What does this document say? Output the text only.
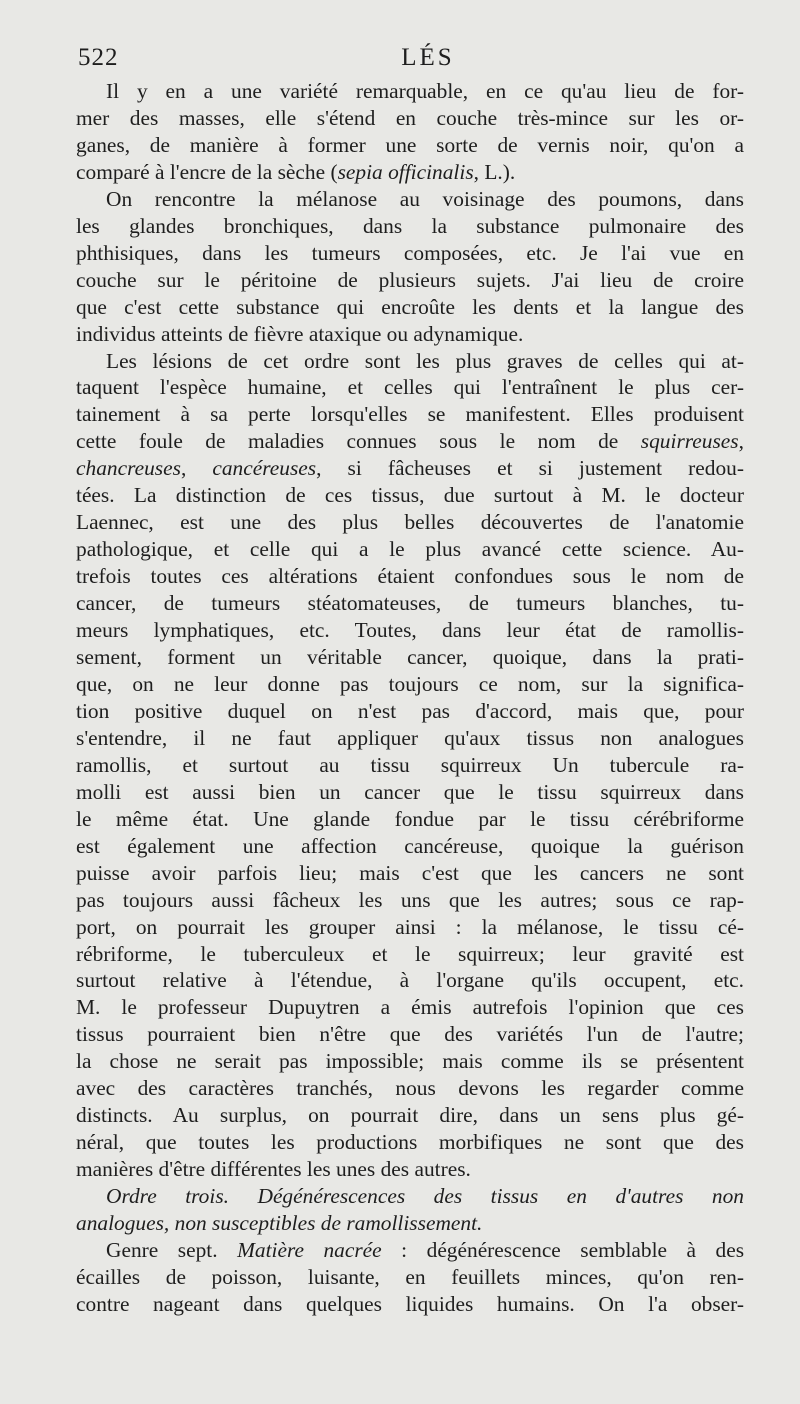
522	LÉS

Il y en a une variété remarquable, en ce qu'au lieu de for-
mer des masses, elle s'étend en couche très-mince sur les or-
ganes, de manière à former une sorte de vernis noir, qu'on a
comparé à l'encre de la sèche (sepia officinalis, L.).

On rencontre la mélanose au voisinage des poumons, dans
les glandes bronchiques, dans la substance pulmonaire des
phthisiques, dans les tumeurs composées, etc. Je l'ai vue en
couche sur le péritoine de plusieurs sujets. J'ai lieu de croire
que c'est cette substance qui encroûte les dents et la langue des
individus atteints de fièvre ataxique ou adynamique.

Les lésions de cet ordre sont les plus graves de celles qui at-
taquent l'espèce humaine, et celles qui l'entraînent le plus cer-
tainement à sa perte lorsqu'elles se manifestent. Elles produisent
cette foule de maladies connues sous le nom de squirreuses,
chancreuses, cancéreuses, si fâcheuses et si justement redou-
tées. La distinction de ces tissus, due surtout à M. le docteur
Laennec, est une des plus belles découvertes de l'anatomie
pathologique, et celle qui a le plus avancé cette science. Au-
trefois toutes ces altérations étaient confondues sous le nom de
cancer, de tumeurs stéatomateuses, de tumeurs blanches, tu-
meurs lymphatiques, etc. Toutes, dans leur état de ramollis-
sement, forment un véritable cancer, quoique, dans la prati-
que, on ne leur donne pas toujours ce nom, sur la significa-
tion positive duquel on n'est pas d'accord, mais que, pour
s'entendre, il ne faut appliquer qu'aux tissus non analogues
ramollis, et surtout au tissu squirreux Un tubercule ra-
molli est aussi bien un cancer que le tissu squirreux dans
le même état. Une glande fondue par le tissu cérébriforme
est également une affection cancéreuse, quoique la guérison
puisse avoir parfois lieu; mais c'est que les cancers ne sont
pas toujours aussi fâcheux les uns que les autres; sous ce rap-
port, on pourrait les grouper ainsi : la mélanose, le tissu cé-
rébriforme, le tuberculeux et le squirreux; leur gravité est
surtout relative à l'étendue, à l'organe qu'ils occupent, etc.
M. le professeur Dupuytren a émis autrefois l'opinion que ces
tissus pourraient bien n'être que des variétés l'un de l'autre;
la chose ne serait pas impossible; mais comme ils se présentent
avec des caractères tranchés, nous devons les regarder comme
distincts. Au surplus, on pourrait dire, dans un sens plus gé-
néral, que toutes les productions morbifiques ne sont que des
manières d'être différentes les unes des autres.

Ordre trois. Dégénérescences des tissus en d'autres non
analogues, non susceptibles de ramollissement.

Genre sept. Matière nacrée : dégénérescence semblable à des
écailles de poisson, luisante, en feuillets minces, qu'on ren-
contre nageant dans quelques liquides humains. On l'a obser-
